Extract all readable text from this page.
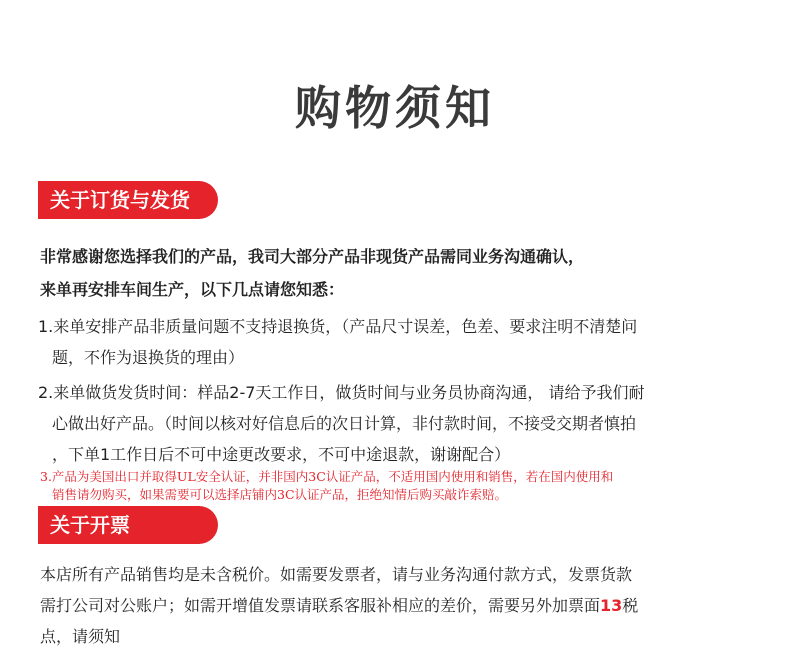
购物须知
关于订货与发货
非常感谢您选择我们的产品，我司大部分产品非现货产品需同业务沟通确认，
来单再安排车间生产，以下几点请您知悉：
1.来单安排产品非质量问题不支持退换货，（产品尺寸误差，色差、要求注明不清楚问
题，不作为退换货的理由）
2.来单做货发货时间：样品2-7天工作日，做货时间与业务员协商沟通， 请给予我们耐
心做出好产品。（时间以核对好信息后的次日计算，非付款时间，不接受交期者慎拍
，下单1工作日后不可中途更改要求，不可中途退款，谢谢配合）
3.产品为美国出口并取得UL安全认证，并非国内3C认证产品，不适用国内使用和销售，若在国内使用和
销售请勿购买，如果需要可以选择店铺内3C认证产品，拒绝知情后购买敲诈索赔。
关于开票
本店所有产品销售均是未含税价。如需要发票者，请与业务沟通付款方式，发票货款
需打公司对公账户；如需开增值发票请联系客服补相应的差价，需要另外加票面13税
点，请须知
